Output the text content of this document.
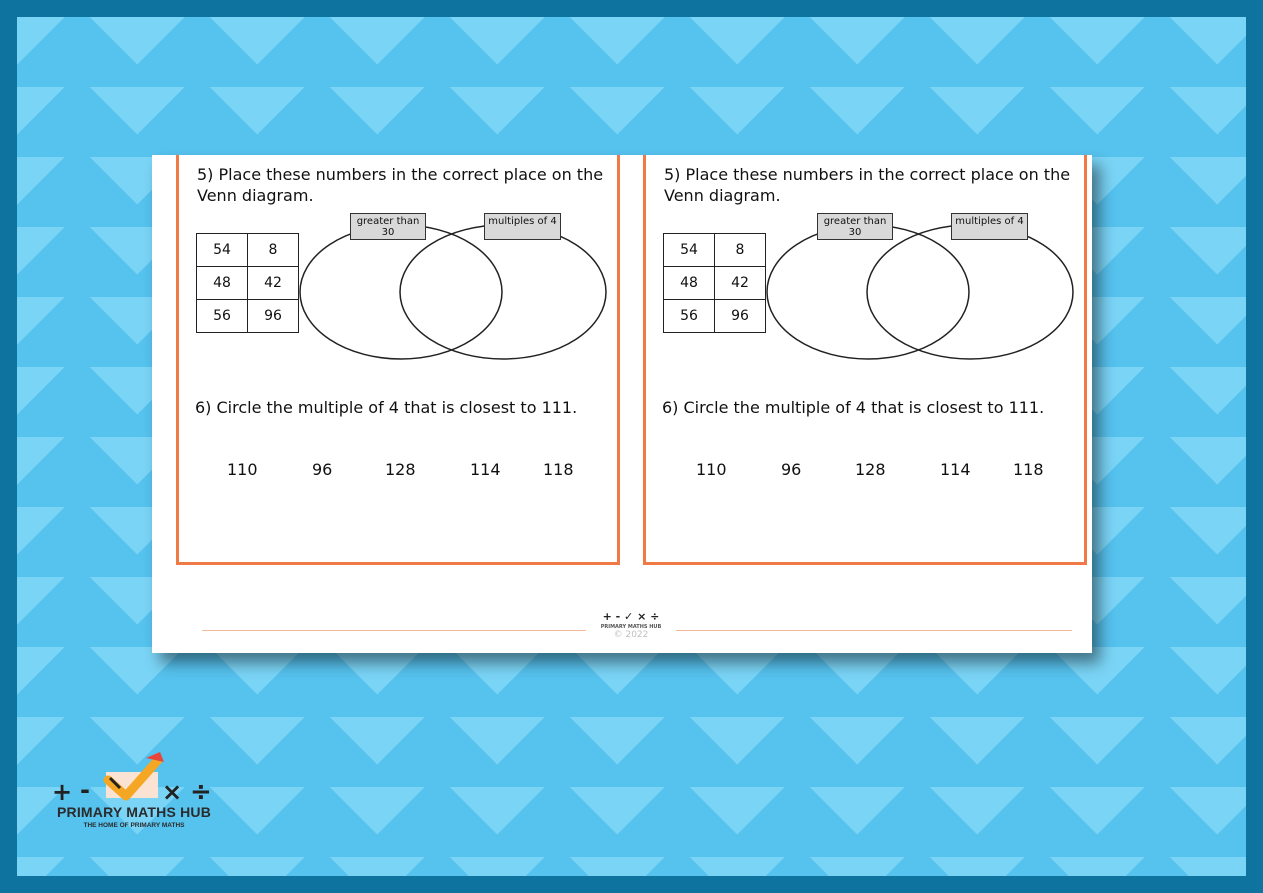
5) Place these numbers in the correct place on the Venn diagram.
54	8
48	42
56	96
greater than 30
multiples of 4
6) Circle the multiple of 4 that is closest to 111.
110	96	128	114	118
5) Place these numbers in the correct place on the Venn diagram.
54	8
48	42
56	96
greater than 30
multiples of 4
6) Circle the multiple of 4 that is closest to 111.
110	96	128	114	118
+ - ✓ × ÷
PRIMARY MATHS HUB
© 2022
+ -	× ÷
PRIMARY MATHS HUB
THE HOME OF PRIMARY MATHS
